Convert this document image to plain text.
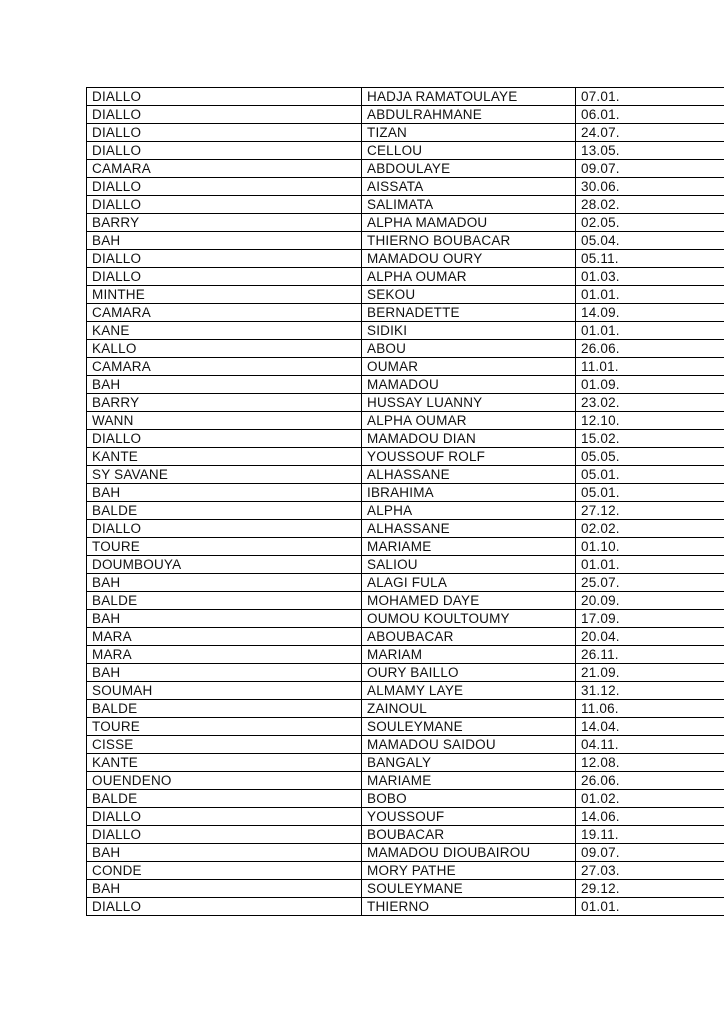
DIALLO	HADJA RAMATOULAYE	07.01.
DIALLO	ABDULRAHMANE	06.01.
DIALLO	TIZAN	24.07.
DIALLO	CELLOU	13.05.
CAMARA	ABDOULAYE	09.07.
DIALLO	AISSATA	30.06.
DIALLO	SALIMATA	28.02.
BARRY	ALPHA MAMADOU	02.05.
BAH	THIERNO BOUBACAR	05.04.
DIALLO	MAMADOU OURY	05.11.
DIALLO	ALPHA OUMAR	01.03.
MINTHE	SEKOU	01.01.
CAMARA	BERNADETTE	14.09.
KANE	SIDIKI	01.01.
KALLO	ABOU	26.06.
CAMARA	OUMAR	11.01.
BAH	MAMADOU	01.09.
BARRY	HUSSAY LUANNY	23.02.
WANN	ALPHA OUMAR	12.10.
DIALLO	MAMADOU DIAN	15.02.
KANTE	YOUSSOUF ROLF	05.05.
SY SAVANE	ALHASSANE	05.01.
BAH	IBRAHIMA	05.01.
BALDE	ALPHA	27.12.
DIALLO	ALHASSANE	02.02.
TOURE	MARIAME	01.10.
DOUMBOUYA	SALIOU	01.01.
BAH	ALAGI FULA	25.07.
BALDE	MOHAMED DAYE	20.09.
BAH	OUMOU KOULTOUMY	17.09.
MARA	ABOUBACAR	20.04.
MARA	MARIAM	26.11.
BAH	OURY BAILLO	21.09.
SOUMAH	ALMAMY LAYE	31.12.
BALDE	ZAINOUL	11.06.
TOURE	SOULEYMANE	14.04.
CISSE	MAMADOU SAIDOU	04.11.
KANTE	BANGALY	12.08.
OUENDENO	MARIAME	26.06.
BALDE	BOBO	01.02.
DIALLO	YOUSSOUF	14.06.
DIALLO	BOUBACAR	19.11.
BAH	MAMADOU DIOUBAIROU	09.07.
CONDE	MORY PATHE	27.03.
BAH	SOULEYMANE	29.12.
DIALLO	THIERNO	01.01.
